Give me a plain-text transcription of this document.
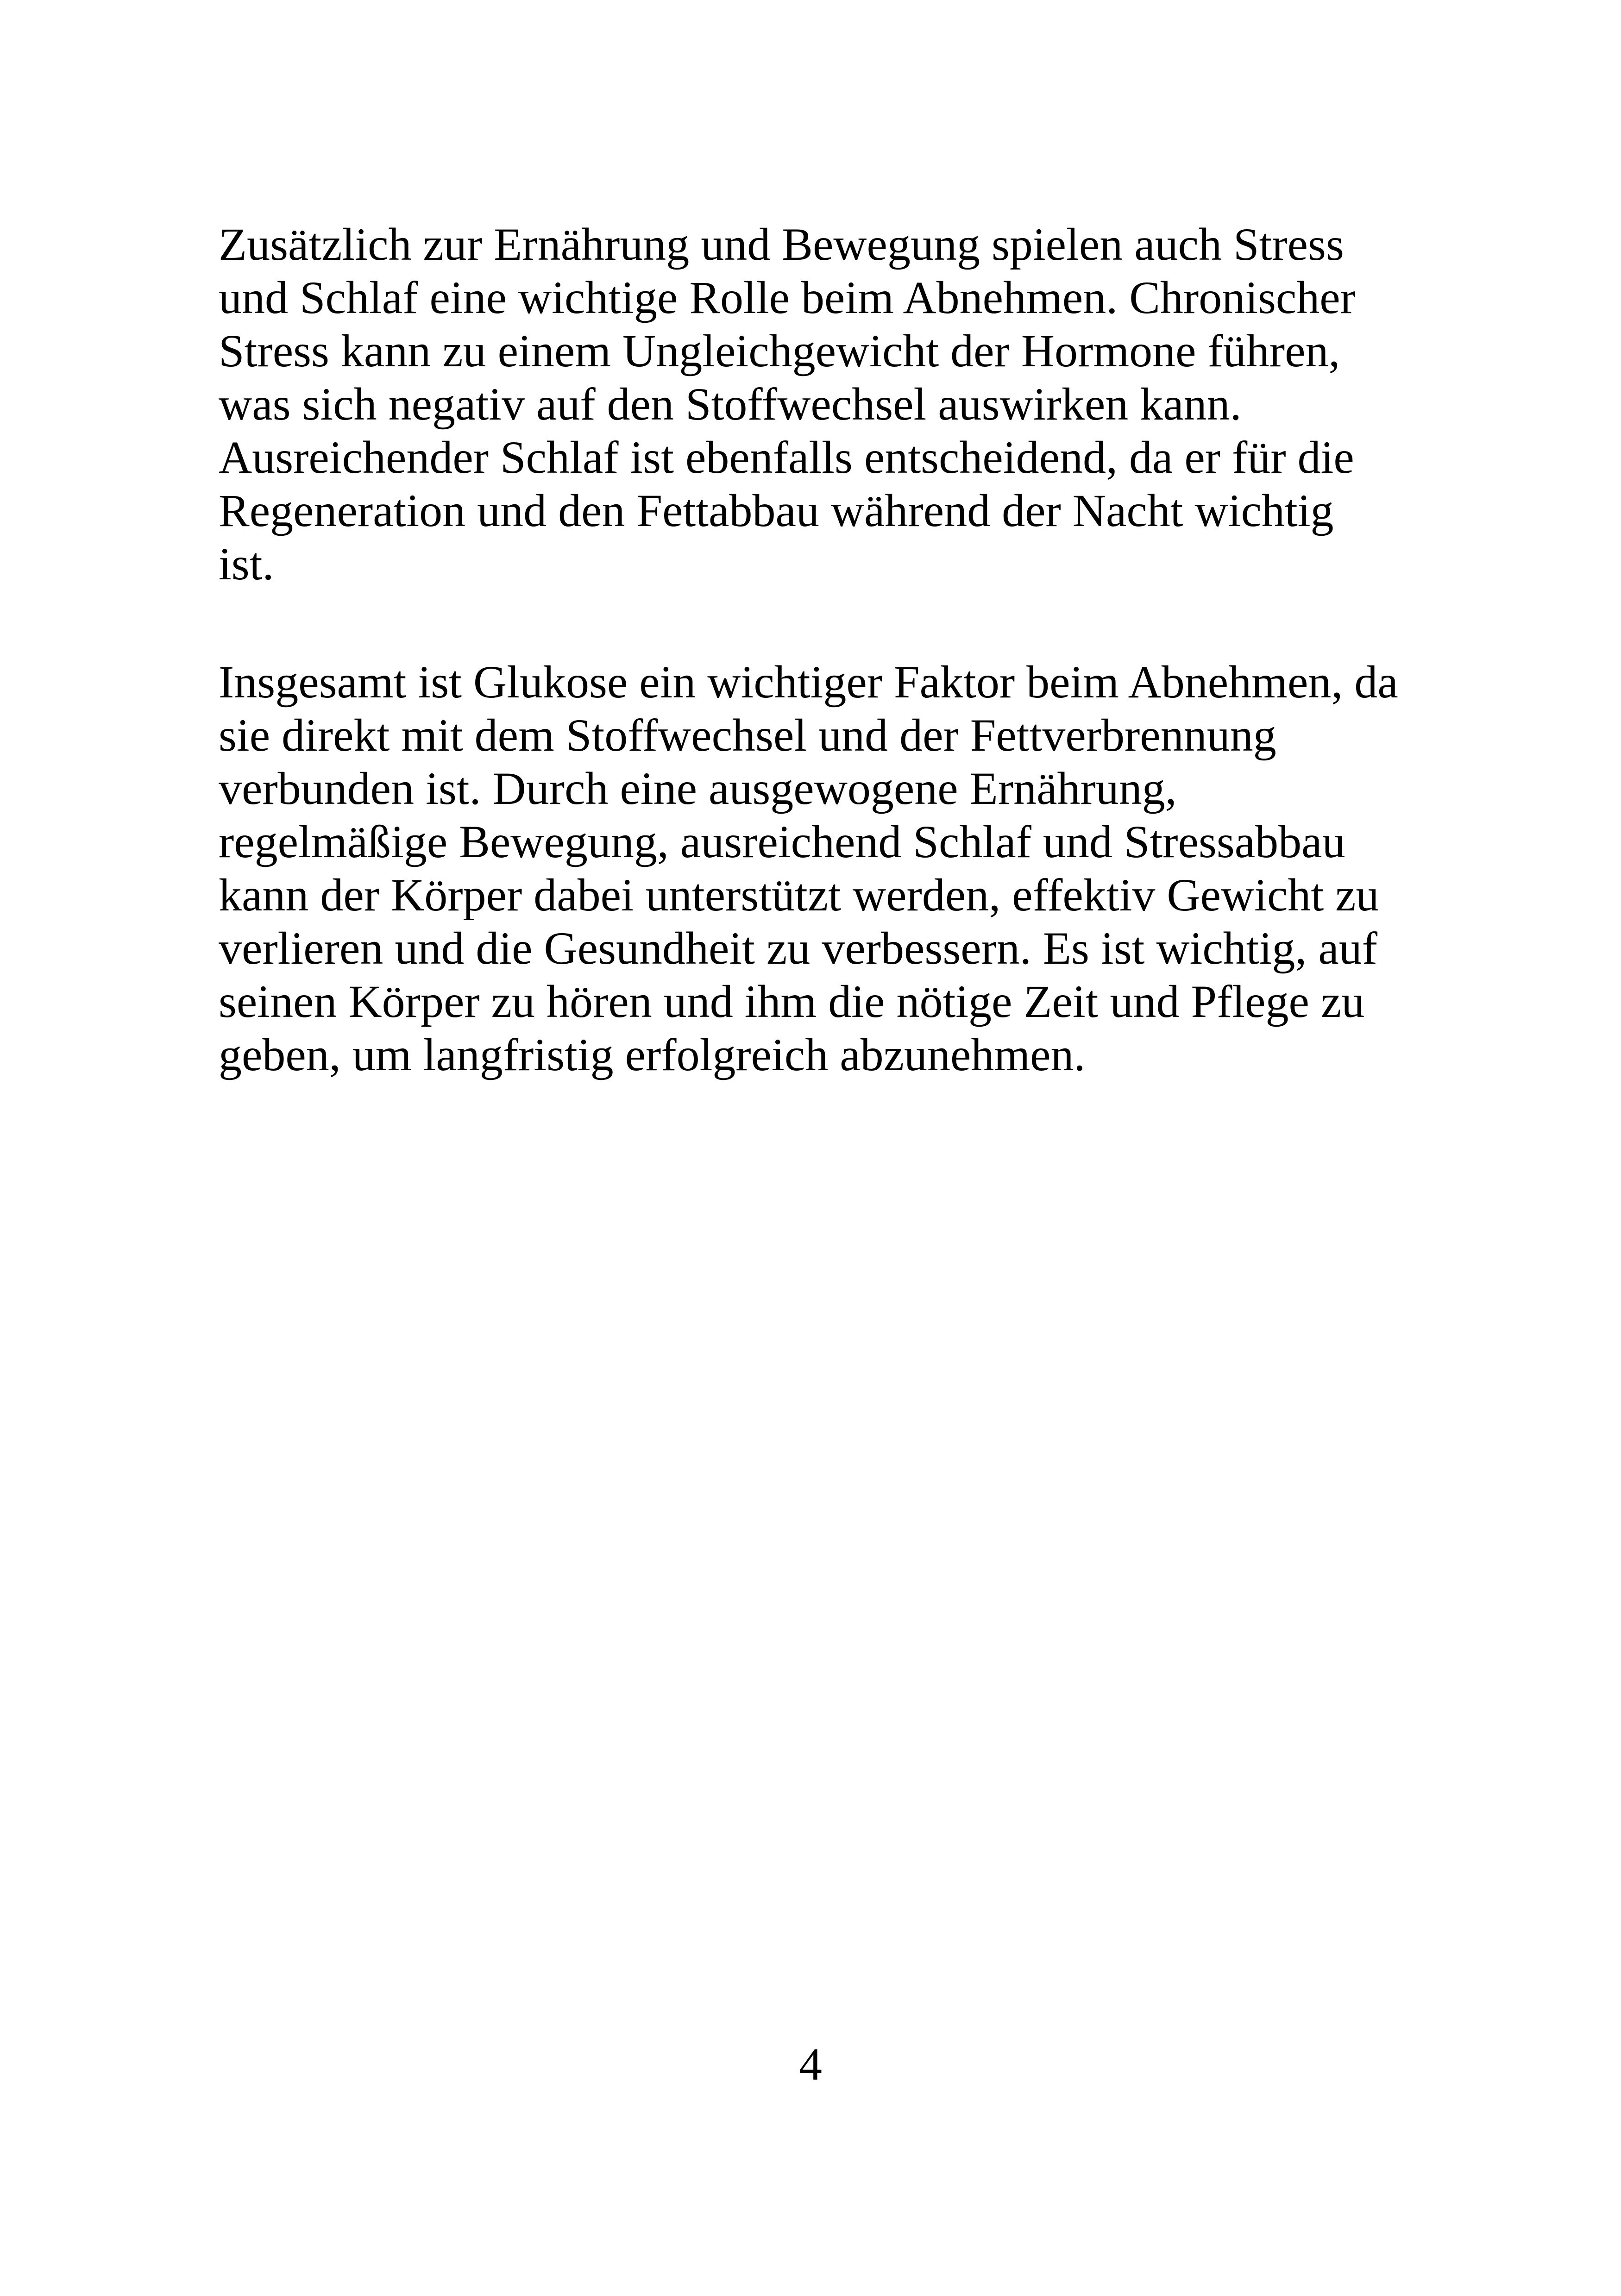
Zusätzlich zur Ernährung und Bewegung spielen auch Stress
und Schlaf eine wichtige Rolle beim Abnehmen. Chronischer
Stress kann zu einem Ungleichgewicht der Hormone führen,
was sich negativ auf den Stoffwechsel auswirken kann.
Ausreichender Schlaf ist ebenfalls entscheidend, da er für die
Regeneration und den Fettabbau während der Nacht wichtig
ist.
Insgesamt ist Glukose ein wichtiger Faktor beim Abnehmen, da
sie direkt mit dem Stoffwechsel und der Fettverbrennung
verbunden ist. Durch eine ausgewogene Ernährung,
regelmäßige Bewegung, ausreichend Schlaf und Stressabbau
kann der Körper dabei unterstützt werden, effektiv Gewicht zu
verlieren und die Gesundheit zu verbessern. Es ist wichtig, auf
seinen Körper zu hören und ihm die nötige Zeit und Pflege zu
geben, um langfristig erfolgreich abzunehmen.
4
